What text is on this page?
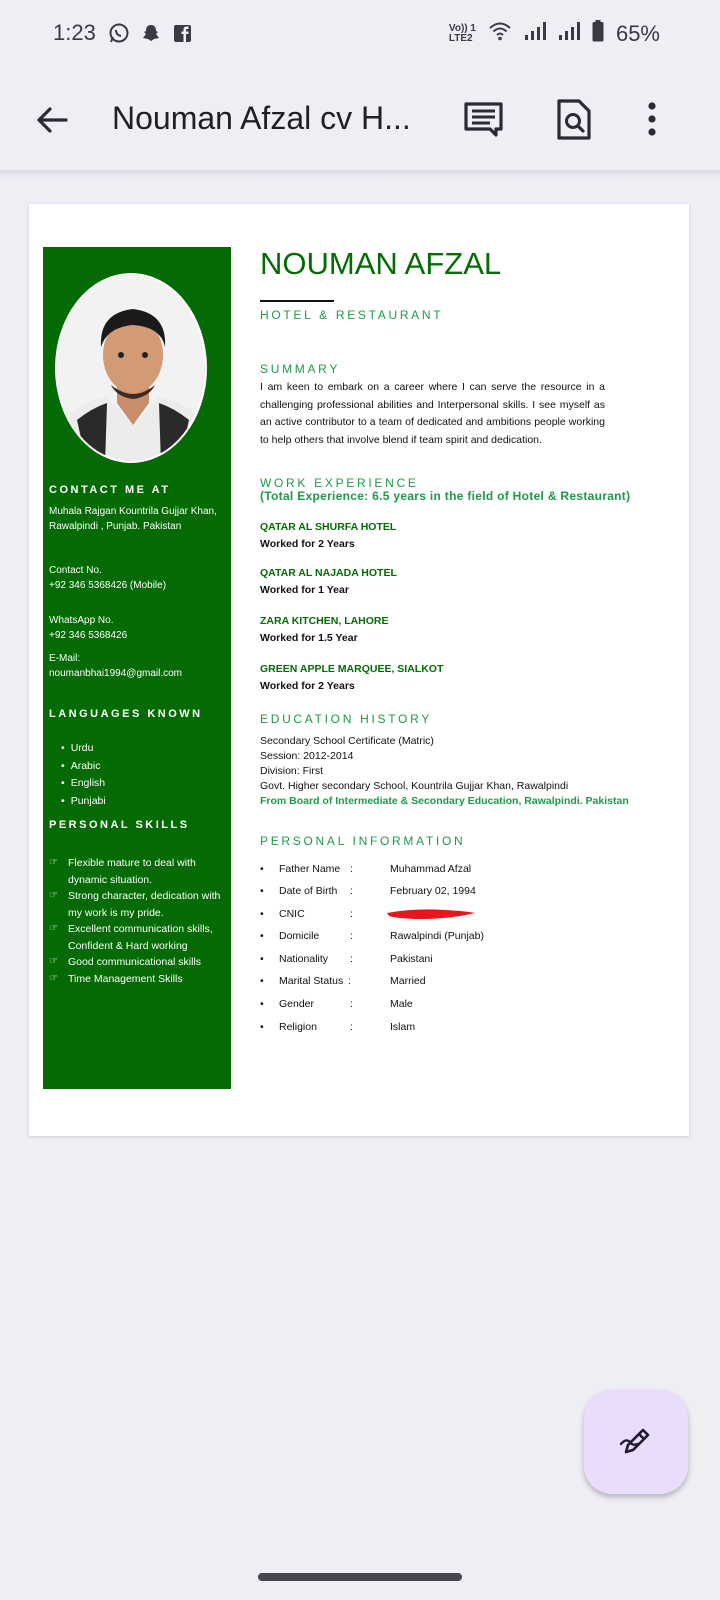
1:23	Vo)) 1
LTE2	65%
Nouman Afzal cv H...
CONTACT ME AT
Muhala Rajgan Kountrila Gujjar Khan, Rawalpindi , Punjab. Pakistan
Contact No.
+92 346 5368426 (Mobile)
WhatsApp No.
+92 346 5368426
E-Mail:
noumanbhai1994@gmail.com
LANGUAGES KNOWN
• Urdu
• Arabic
• English
• Punjabi
PERSONAL SKILLS
☞ Flexible mature to deal with dynamic situation.
☞ Strong character, dedication with my work is my pride.
☞ Excellent communication skills, Confident & Hard working
☞ Good communicational skills
☞ Time Management Skills
NOUMAN AFZAL
HOTEL & RESTAURANT
SUMMARY
I am keen to embark on a career where I can serve the resource in a challenging professional abilities and Interpersonal skills. I see myself as an active contributor to a team of dedicated and ambitions people working to help others that involve blend if team spirit and dedication.
WORK EXPERIENCE
(Total Experience: 6.5 years in the field of Hotel & Restaurant)
QATAR AL SHURFA HOTEL
Worked for 2 Years
QATAR AL NAJADA HOTEL
Worked for 1 Year
ZARA KITCHEN, LAHORE
Worked for 1.5 Year
GREEN APPLE MARQUEE, SIALKOT
Worked for 2 Years
EDUCATION HISTORY
Secondary School Certificate (Matric)
Session: 2012-2014
Division: First
Govt. Higher secondary School, Kountrila Gujjar Khan, Rawalpindi
From Board of Intermediate & Secondary Education, Rawalpindi. Pakistan
PERSONAL INFORMATION
• Father Name :	Muhammad Afzal
• Date of Birth :	February 02, 1994
• CNIC	:
• Domicile	:	Rawalpindi (Punjab)
• Nationality :	Pakistani
• Marital Status :	Married
• Gender	:	Male
• Religion	:	Islam
